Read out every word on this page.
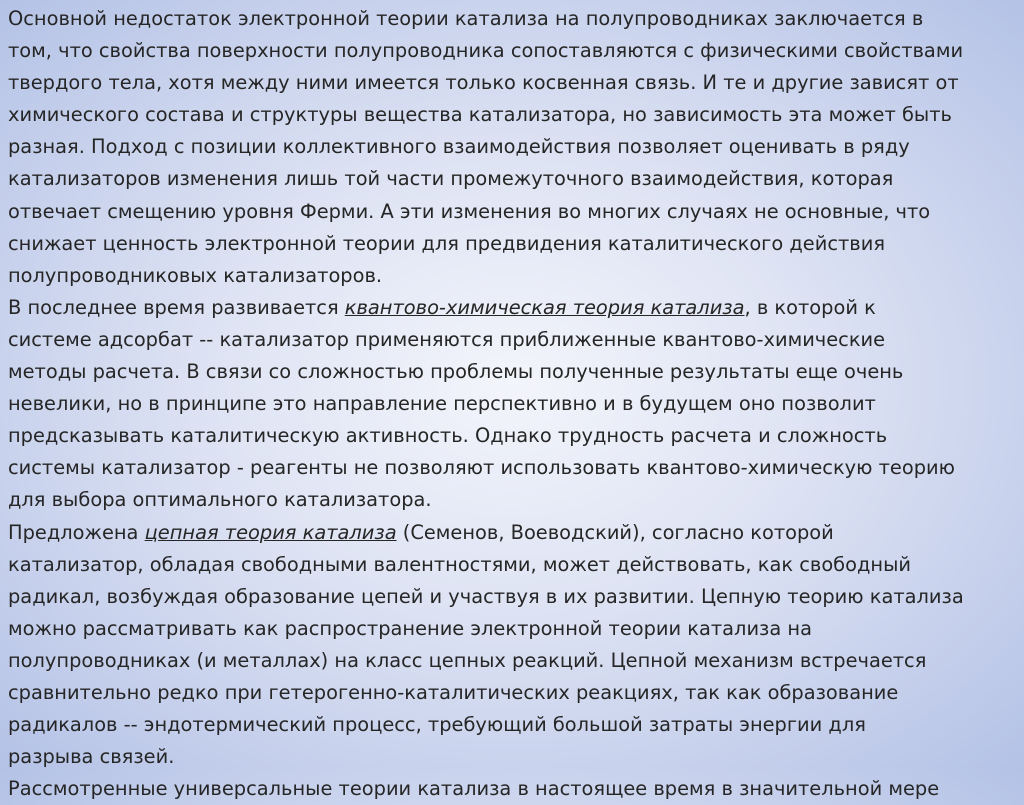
Основной недостаток электронной теории катализа на полупроводниках заключается в
том, что свойства поверхности полупроводника сопоставляются с физическими свойствами
твердого тела, хотя между ними имеется только косвенная связь. И те и другие зависят от
химического состава и структуры вещества катализатора, но зависимость эта может быть
разная. Подход с позиции коллективного взаимодействия позволяет оценивать в ряду
катализаторов изменения лишь той части промежуточного взаимодействия, которая
отвечает смещению уровня Ферми. А эти изменения во многих случаях не основные, что
снижает ценность электронной теории для предвидения каталитического действия
полупроводниковых катализаторов.
В последнее время развивается квантово-химическая теория катализа, в которой к
системе адсорбат -- катализатор применяются приближенные квантово-химические
методы расчета. В связи со сложностью проблемы полученные результаты еще очень
невелики, но в принципе это направление перспективно и в будущем оно позволит
предсказывать каталитическую активность. Однако трудность расчета и сложность
системы катализатор - реагенты не позволяют использовать квантово-химическую теорию
для выбора оптимального катализатора.
Предложена цепная теория катализа (Семенов, Воеводский), согласно которой
катализатор, обладая свободными валентностями, может действовать, как свободный
радикал, возбуждая образование цепей и участвуя в их развитии. Цепную теорию катализа
можно рассматривать как распространение электронной теории катализа на
полупроводниках (и металлах) на класс цепных реакций. Цепной механизм встречается
сравнительно редко при гетерогенно-каталитических реакциях, так как образование
радикалов -- эндотермический процесс, требующий большой затраты энергии для
разрыва связей.
Рассмотренные универсальные теории катализа в настоящее время в значительной мере
